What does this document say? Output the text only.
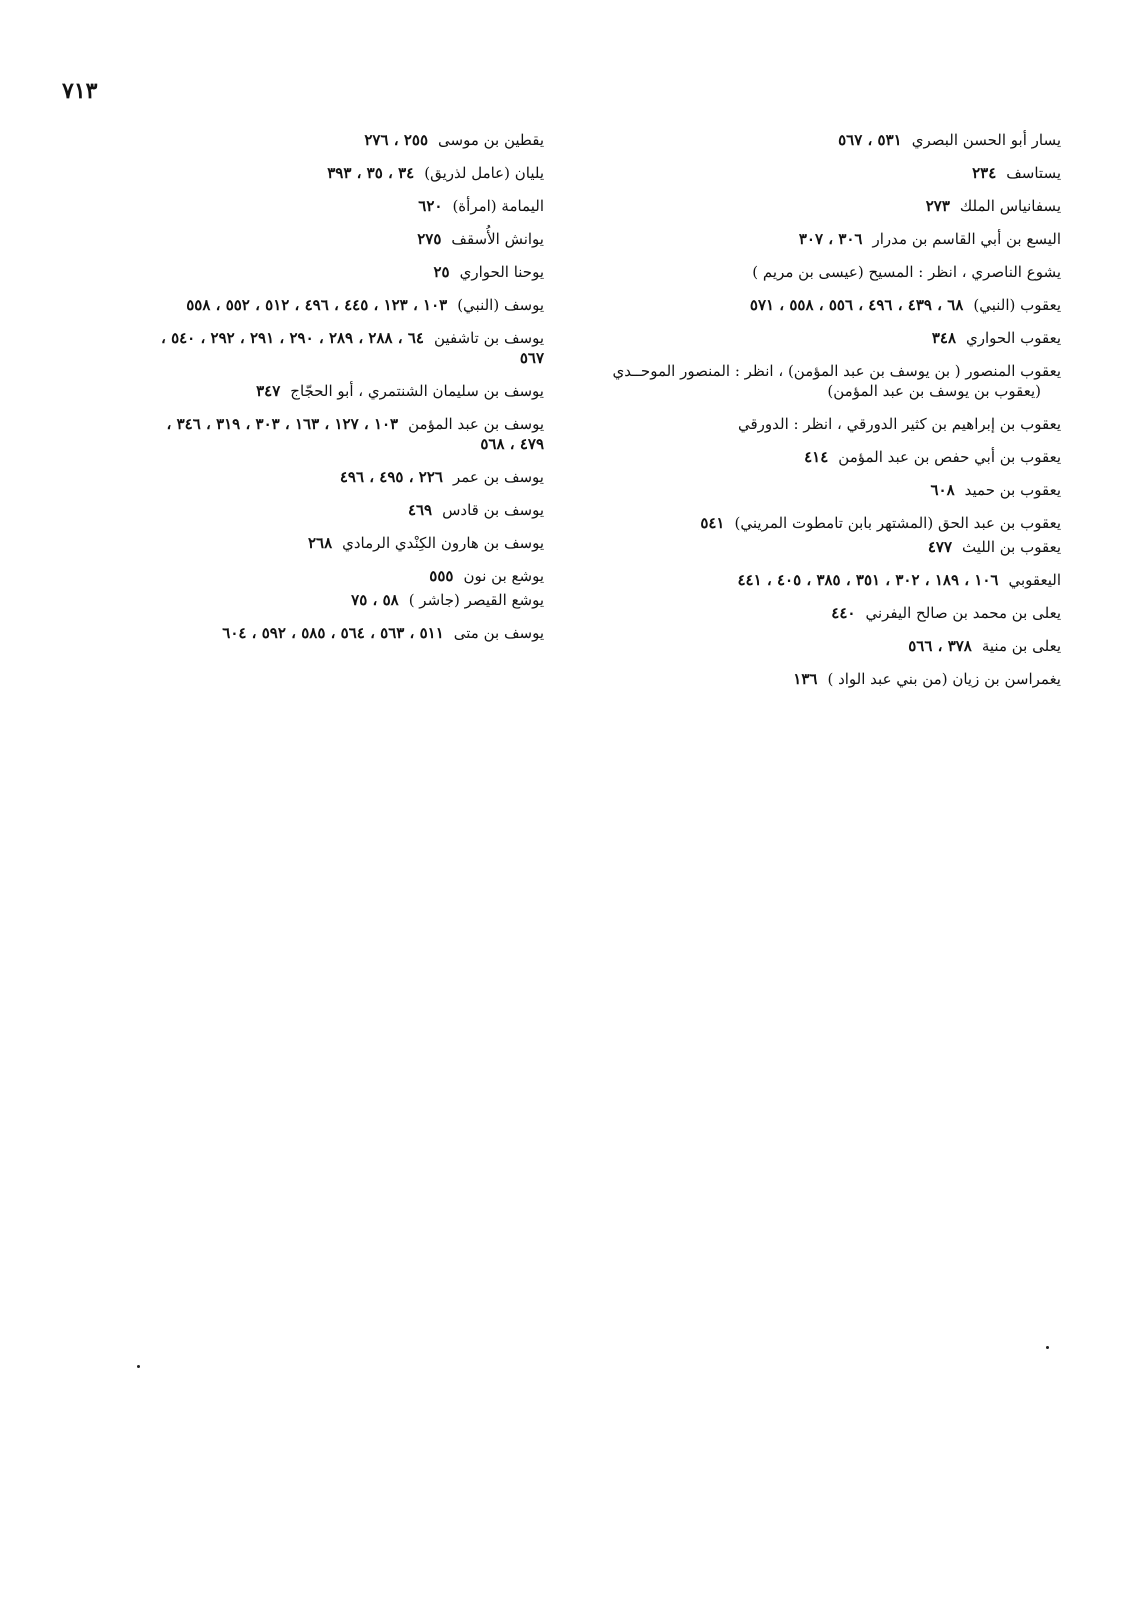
٧١٣
يسار أبو الحسن البصري٥٣١ ، ٥٦٧
يستاسف٢٣٤
يسفانياس الملك٢٧٣
اليسع بن أبي القاسم بن مدرار٣٠٦ ، ٣٠٧
يشوع الناصري ، انظر : المسيح (عيسى بن مريم )
يعقوب (النبي)٦٨ ، ٤٣٩ ، ٤٩٦ ، ٥٥٦ ، ٥٥٨ ، ٥٧١
يعقوب الحواري٣٤٨
يعقوب المنصور ( بن يوسف بن عبد المؤمن) ، انظر : المنصور الموحــدي
(يعقوب بن يوسف بن عبد المؤمن)
يعقوب بن إبراهيم بن كثير الدورقي ، انظر : الدورقي
يعقوب بن أبي حفص بن عبد المؤمن٤١٤
يعقوب بن حميد٦٠٨
يعقوب بن عبد الحق (المشتهر بابن تامطوت المريني)٥٤١
يعقوب بن الليث٤٧٧
اليعقوبي١٠٦ ، ١٨٩ ، ٣٠٢ ، ٣٥١ ، ٣٨٥ ، ٤٠٥ ، ٤٤١
يعلى بن محمد بن صالح اليفرني٤٤٠
يعلى بن منية٣٧٨ ، ٥٦٦
يغمراسن بن زيان (من بني عبد الواد )١٣٦
يقطين بن موسى٢٥٥ ، ٢٧٦
يليان (عامل لذريق)٣٤ ، ٣٥ ، ٣٩٣
اليمامة (امرأة)٦٢٠
يوانش الأُسقف٢٧٥
يوحنا الحواري٢٥
يوسف (النبي)١٠٣ ، ١٢٣ ، ٤٤٥ ، ٤٩٦ ، ٥١٢ ، ٥٥٢ ، ٥٥٨
يوسف بن تاشفين٦٤ ، ٢٨٨ ، ٢٨٩ ، ٢٩٠ ، ٢٩١ ، ٢٩٢ ، ٥٤٠ ،
٥٦٧
يوسف بن سليمان الشنتمري ، أبو الحجّاج٣٤٧
يوسف بن عبد المؤمن١٠٣ ، ١٢٧ ، ١٦٣ ، ٣٠٣ ، ٣١٩ ، ٣٤٦ ،
٤٧٩ ، ٥٦٨
يوسف بن عمر٢٢٦ ، ٤٩٥ ، ٤٩٦
يوسف بن قادس٤٦٩
يوسف بن هارون الكِنْدي الرمادي٢٦٨
يوشع بن نون٥٥٥
يوشع القيصر (جاشر )٥٨ ، ٧٥
يوسف بن متى٥١١ ، ٥٦٣ ، ٥٦٤ ، ٥٨٥ ، ٥٩٢ ، ٦٠٤
